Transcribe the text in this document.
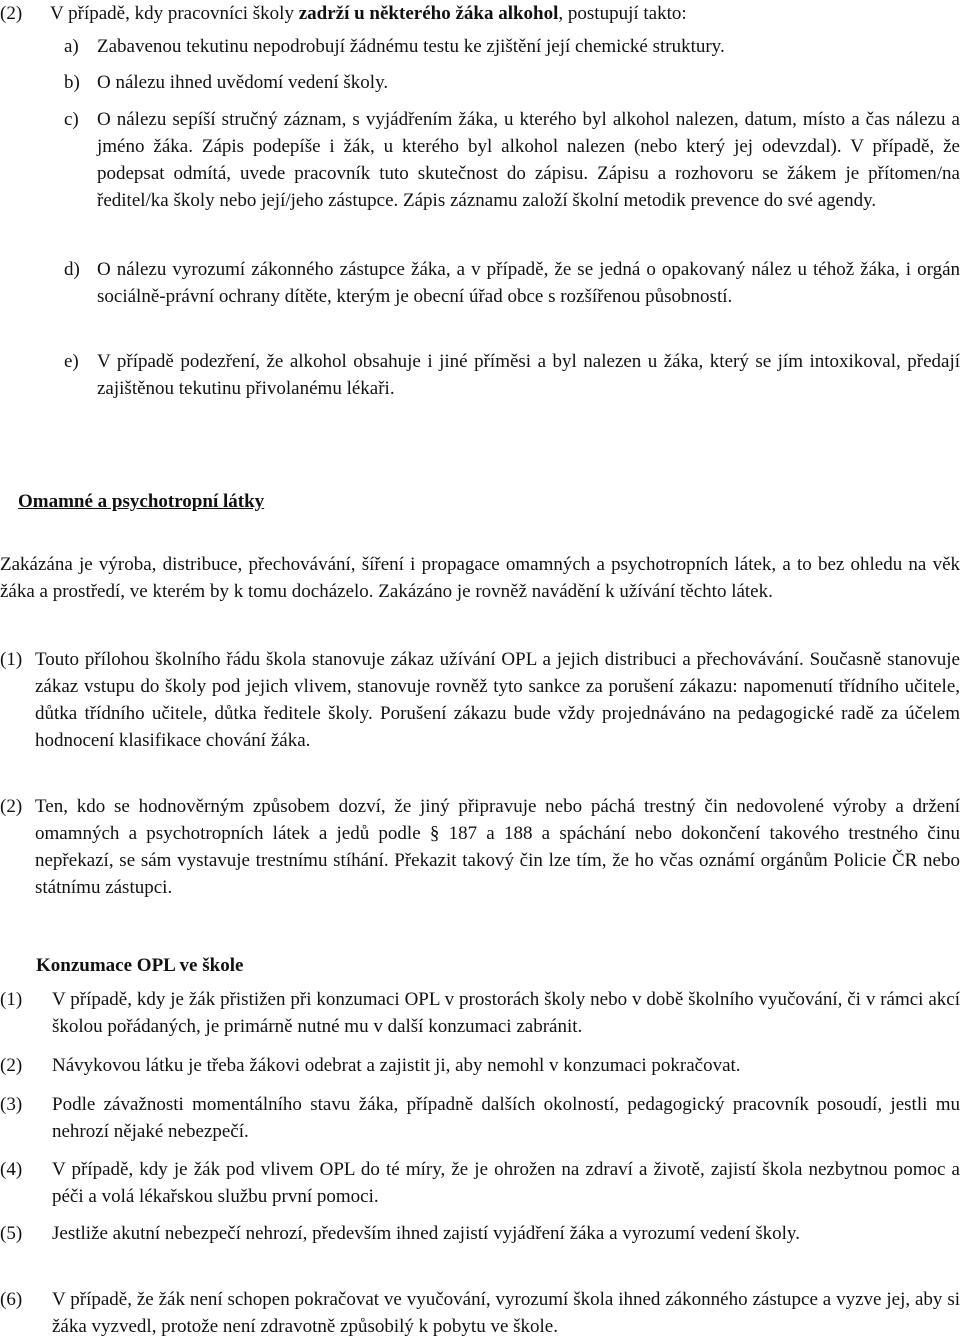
(2)	V případě, kdy pracovníci školy zadrží u některého žáka alkohol, postupují takto:
a) Zabavenou tekutinu nepodrobují žádnému testu ke zjištění její chemické struktury.
b) O nálezu ihned uvědomí vedení školy.
c) O nálezu sepíší stručný záznam, s vyjádřením žáka, u kterého byl alkohol nalezen, datum, místo a čas nálezu a jméno žáka. Zápis podepíše i žák, u kterého byl alkohol nalezen (nebo který jej odevzdal). V případě, že podepsat odmítá, uvede pracovník tuto skutečnost do zápisu. Zápisu a rozhovoru se žákem je přítomen/na ředitel/ka školy nebo její/jeho zástupce. Zápis záznamu založí školní metodik prevence do své agendy.
d) O nálezu vyrozumí zákonného zástupce žáka, a v případě, že se jedná o opakovaný nález u téhož žáka, i orgán sociálně-právní ochrany dítěte, kterým je obecní úřad obce s rozšířenou působností.
e) V případě podezření, že alkohol obsahuje i jiné příměsi a byl nalezen u žáka, který se jím intoxikoval, předají zajištěnou tekutinu přivolanému lékaři.
Omamné a psychotropní látky
Zakázána je výroba, distribuce, přechovávání, šíření i propagace omamných a psychotropních látek, a to bez ohledu na věk žáka a prostředí, ve kterém by k tomu docházelo. Zakázáno je rovněž navádění k užívání těchto látek.
(1) Touto přílohou školního řádu škola stanovuje zákaz užívání OPL a jejich distribuci a přechovávání. Současně stanovuje zákaz vstupu do školy pod jejich vlivem, stanovuje rovněž tyto sankce za porušení zákazu: napomenutí třídního učitele, důtka třídního učitele, důtka ředitele školy. Porušení zákazu bude vždy projednáváno na pedagogické radě za účelem hodnocení klasifikace chování žáka.
(2) Ten, kdo se hodnověrným způsobem dozví, že jiný připravuje nebo páchá trestný čin nedovolené výroby a držení omamných a psychotropních látek a jedů podle § 187 a 188 a spáchání nebo dokončení takového trestného činu nepřekazí, se sám vystavuje trestnímu stíhání. Překazit takový čin lze tím, že ho včas oznámí orgánům Policie ČR nebo státnímu zástupci.
Konzumace OPL ve škole
(1)	V případě, kdy je žák přistižen při konzumaci OPL v prostorách školy nebo v době školního vyučování, či v rámci akcí školou pořádaných, je primárně nutné mu v další konzumaci zabránit.
(2)	Návykovou látku je třeba žákovi odebrat a zajistit ji, aby nemohl v konzumaci pokračovat.
(3)	Podle závažnosti momentálního stavu žáka, případně dalších okolností, pedagogický pracovník posoudí, jestli mu nehrozí nějaké nebezpečí.
(4)	V případě, kdy je žák pod vlivem OPL do té míry, že je ohrožen na zdraví a životě, zajistí škola nezbytnou pomoc a péči a volá lékařskou službu první pomoci.
(5)	Jestliže akutní nebezpečí nehrozí, především ihned zajistí vyjádření žáka a vyrozumí vedení školy.
(6)	V případě, že žák není schopen pokračovat ve vyučování, vyrozumí škola ihned zákonného zástupce a vyzve jej, aby si žáka vyzvedl, protože není zdravotně způsobilý k pobytu ve škole.
